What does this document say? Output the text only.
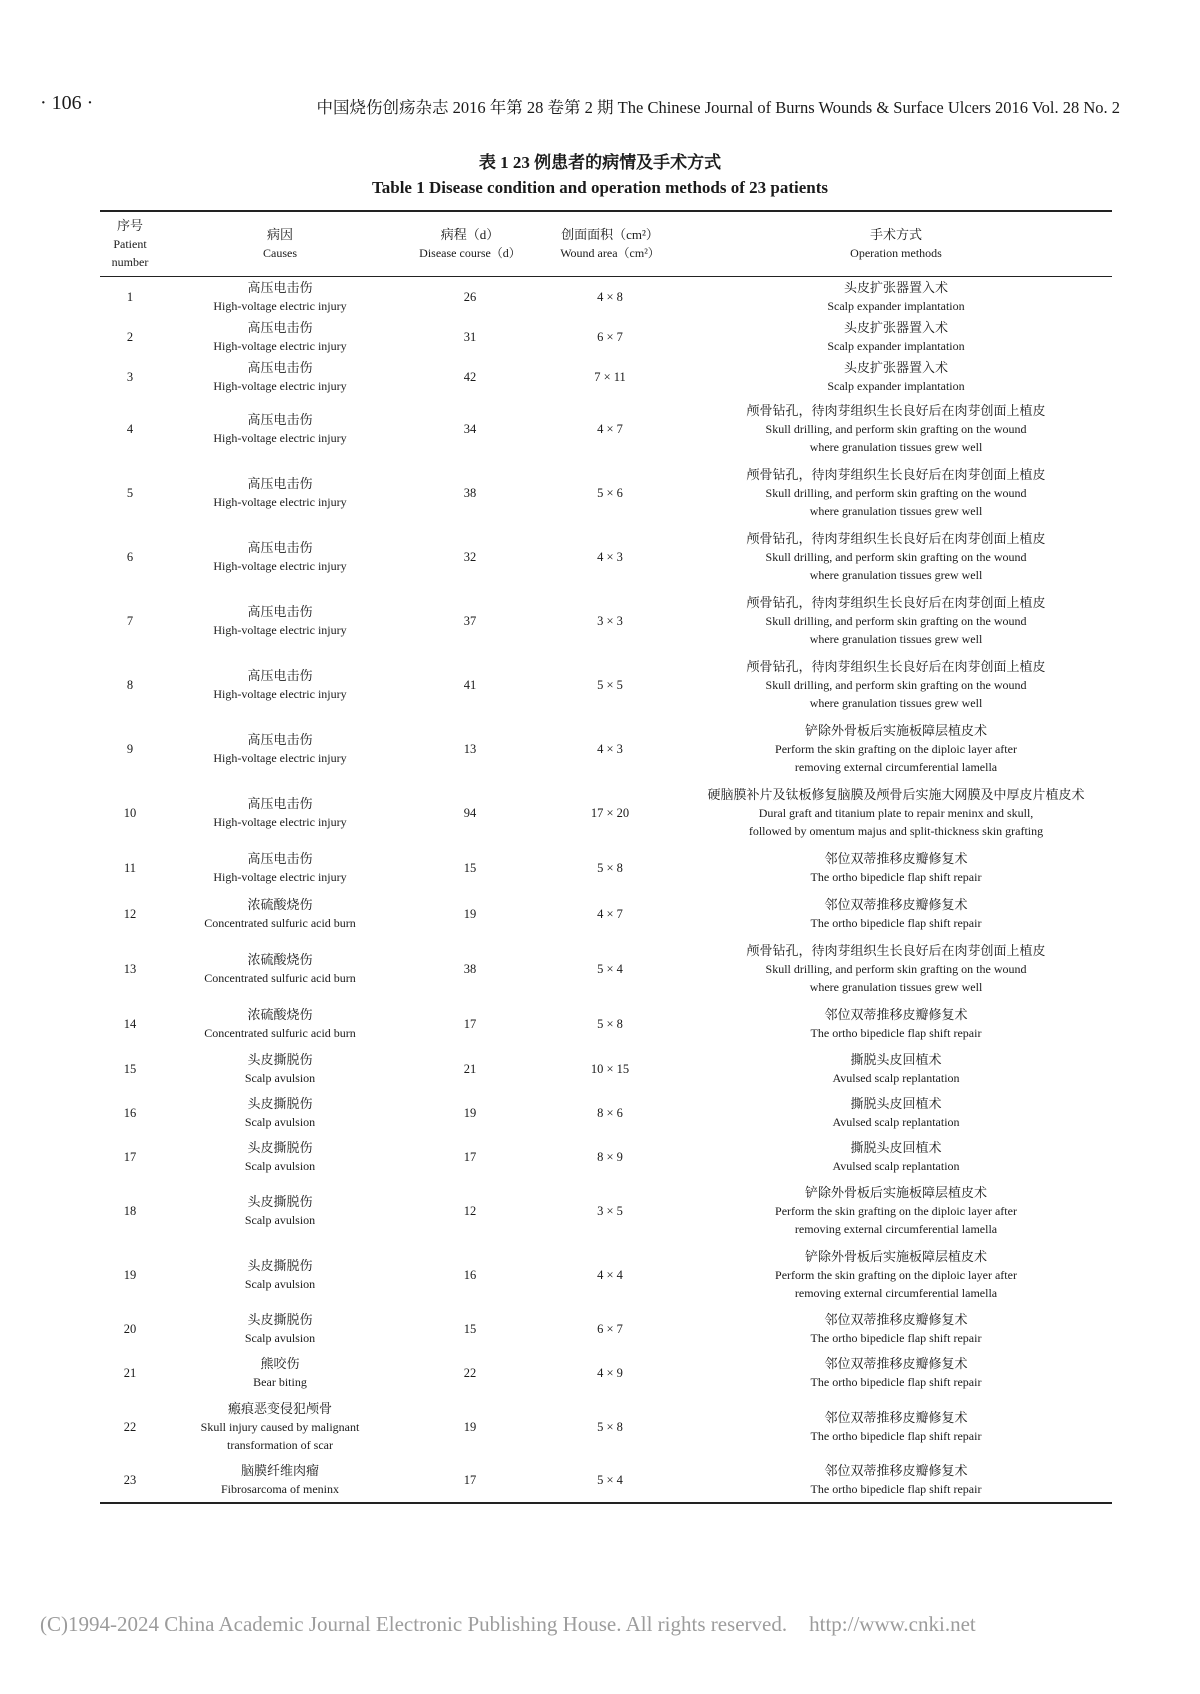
· 106 ·	中国烧伤创疡杂志 2016 年第 28 卷第 2 期 The Chinese Journal of Burns Wounds & Surface Ulcers 2016 Vol. 28 No. 2
表 1 23 例患者的病情及手术方式
Table 1 Disease condition and operation methods of 23 patients
序号
Patient
number	病因
Causes	病程（d）
Disease course（d）	创面面积（cm²）
Wound area（cm²）	手术方式
Operation methods

1	高压电击伤
High-voltage electric injury	26	4 × 8	头皮扩张器置入术
Scalp expander implantation

2	高压电击伤
High-voltage electric injury	31	6 × 7	头皮扩张器置入术
Scalp expander implantation

3	高压电击伤
High-voltage electric injury	42	7 × 11	头皮扩张器置入术
Scalp expander implantation

4	高压电击伤
High-voltage electric injury	34	4 × 7	颅骨钻孔，待肉芽组织生长良好后在肉芽创面上植皮
Skull drilling, and perform skin grafting on the wound
where granulation tissues grew well

5	高压电击伤
High-voltage electric injury	38	5 × 6	颅骨钻孔，待肉芽组织生长良好后在肉芽创面上植皮
Skull drilling, and perform skin grafting on the wound
where granulation tissues grew well

6	高压电击伤
High-voltage electric injury	32	4 × 3	颅骨钻孔，待肉芽组织生长良好后在肉芽创面上植皮
Skull drilling, and perform skin grafting on the wound
where granulation tissues grew well

7	高压电击伤
High-voltage electric injury	37	3 × 3	颅骨钻孔，待肉芽组织生长良好后在肉芽创面上植皮
Skull drilling, and perform skin grafting on the wound
where granulation tissues grew well

8	高压电击伤
High-voltage electric injury	41	5 × 5	颅骨钻孔，待肉芽组织生长良好后在肉芽创面上植皮
Skull drilling, and perform skin grafting on the wound
where granulation tissues grew well

9	高压电击伤
High-voltage electric injury	13	4 × 3	铲除外骨板后实施板障层植皮术
Perform the skin grafting on the diploic layer after
removing external circumferential lamella

10	高压电击伤
High-voltage electric injury	94	17 × 20	硬脑膜补片及钛板修复脑膜及颅骨后实施大网膜及中厚皮片植皮术
Dural graft and titanium plate to repair meninx and skull,
followed by omentum majus and split-thickness skin grafting

11	高压电击伤
High-voltage electric injury	15	5 × 8	邻位双蒂推移皮瓣修复术
The ortho bipedicle flap shift repair

12	浓硫酸烧伤
Concentrated sulfuric acid burn	19	4 × 7	邻位双蒂推移皮瓣修复术
The ortho bipedicle flap shift repair

13	浓硫酸烧伤
Concentrated sulfuric acid burn	38	5 × 4	颅骨钻孔，待肉芽组织生长良好后在肉芽创面上植皮
Skull drilling, and perform skin grafting on the wound
where granulation tissues grew well

14	浓硫酸烧伤
Concentrated sulfuric acid burn	17	5 × 8	邻位双蒂推移皮瓣修复术
The ortho bipedicle flap shift repair

15	头皮撕脱伤
Scalp avulsion	21	10 × 15	撕脱头皮回植术
Avulsed scalp replantation

16	头皮撕脱伤
Scalp avulsion	19	8 × 6	撕脱头皮回植术
Avulsed scalp replantation

17	头皮撕脱伤
Scalp avulsion	17	8 × 9	撕脱头皮回植术
Avulsed scalp replantation

18	头皮撕脱伤
Scalp avulsion	12	3 × 5	铲除外骨板后实施板障层植皮术
Perform the skin grafting on the diploic layer after
removing external circumferential lamella

19	头皮撕脱伤
Scalp avulsion	16	4 × 4	铲除外骨板后实施板障层植皮术
Perform the skin grafting on the diploic layer after
removing external circumferential lamella

20	头皮撕脱伤
Scalp avulsion	15	6 × 7	邻位双蒂推移皮瓣修复术
The ortho bipedicle flap shift repair

21	熊咬伤
Bear biting	22	4 × 9	邻位双蒂推移皮瓣修复术
The ortho bipedicle flap shift repair

22	瘢痕恶变侵犯颅骨
Skull injury caused by malignant
transformation of scar	19	5 × 8	邻位双蒂推移皮瓣修复术
The ortho bipedicle flap shift repair

23	脑膜纤维肉瘤
Fibrosarcoma of meninx	17	5 × 4	邻位双蒂推移皮瓣修复术
The ortho bipedicle flap shift repair
(C)1994-2024 China Academic Journal Electronic Publishing House. All rights reserved. http://www.cnki.net
